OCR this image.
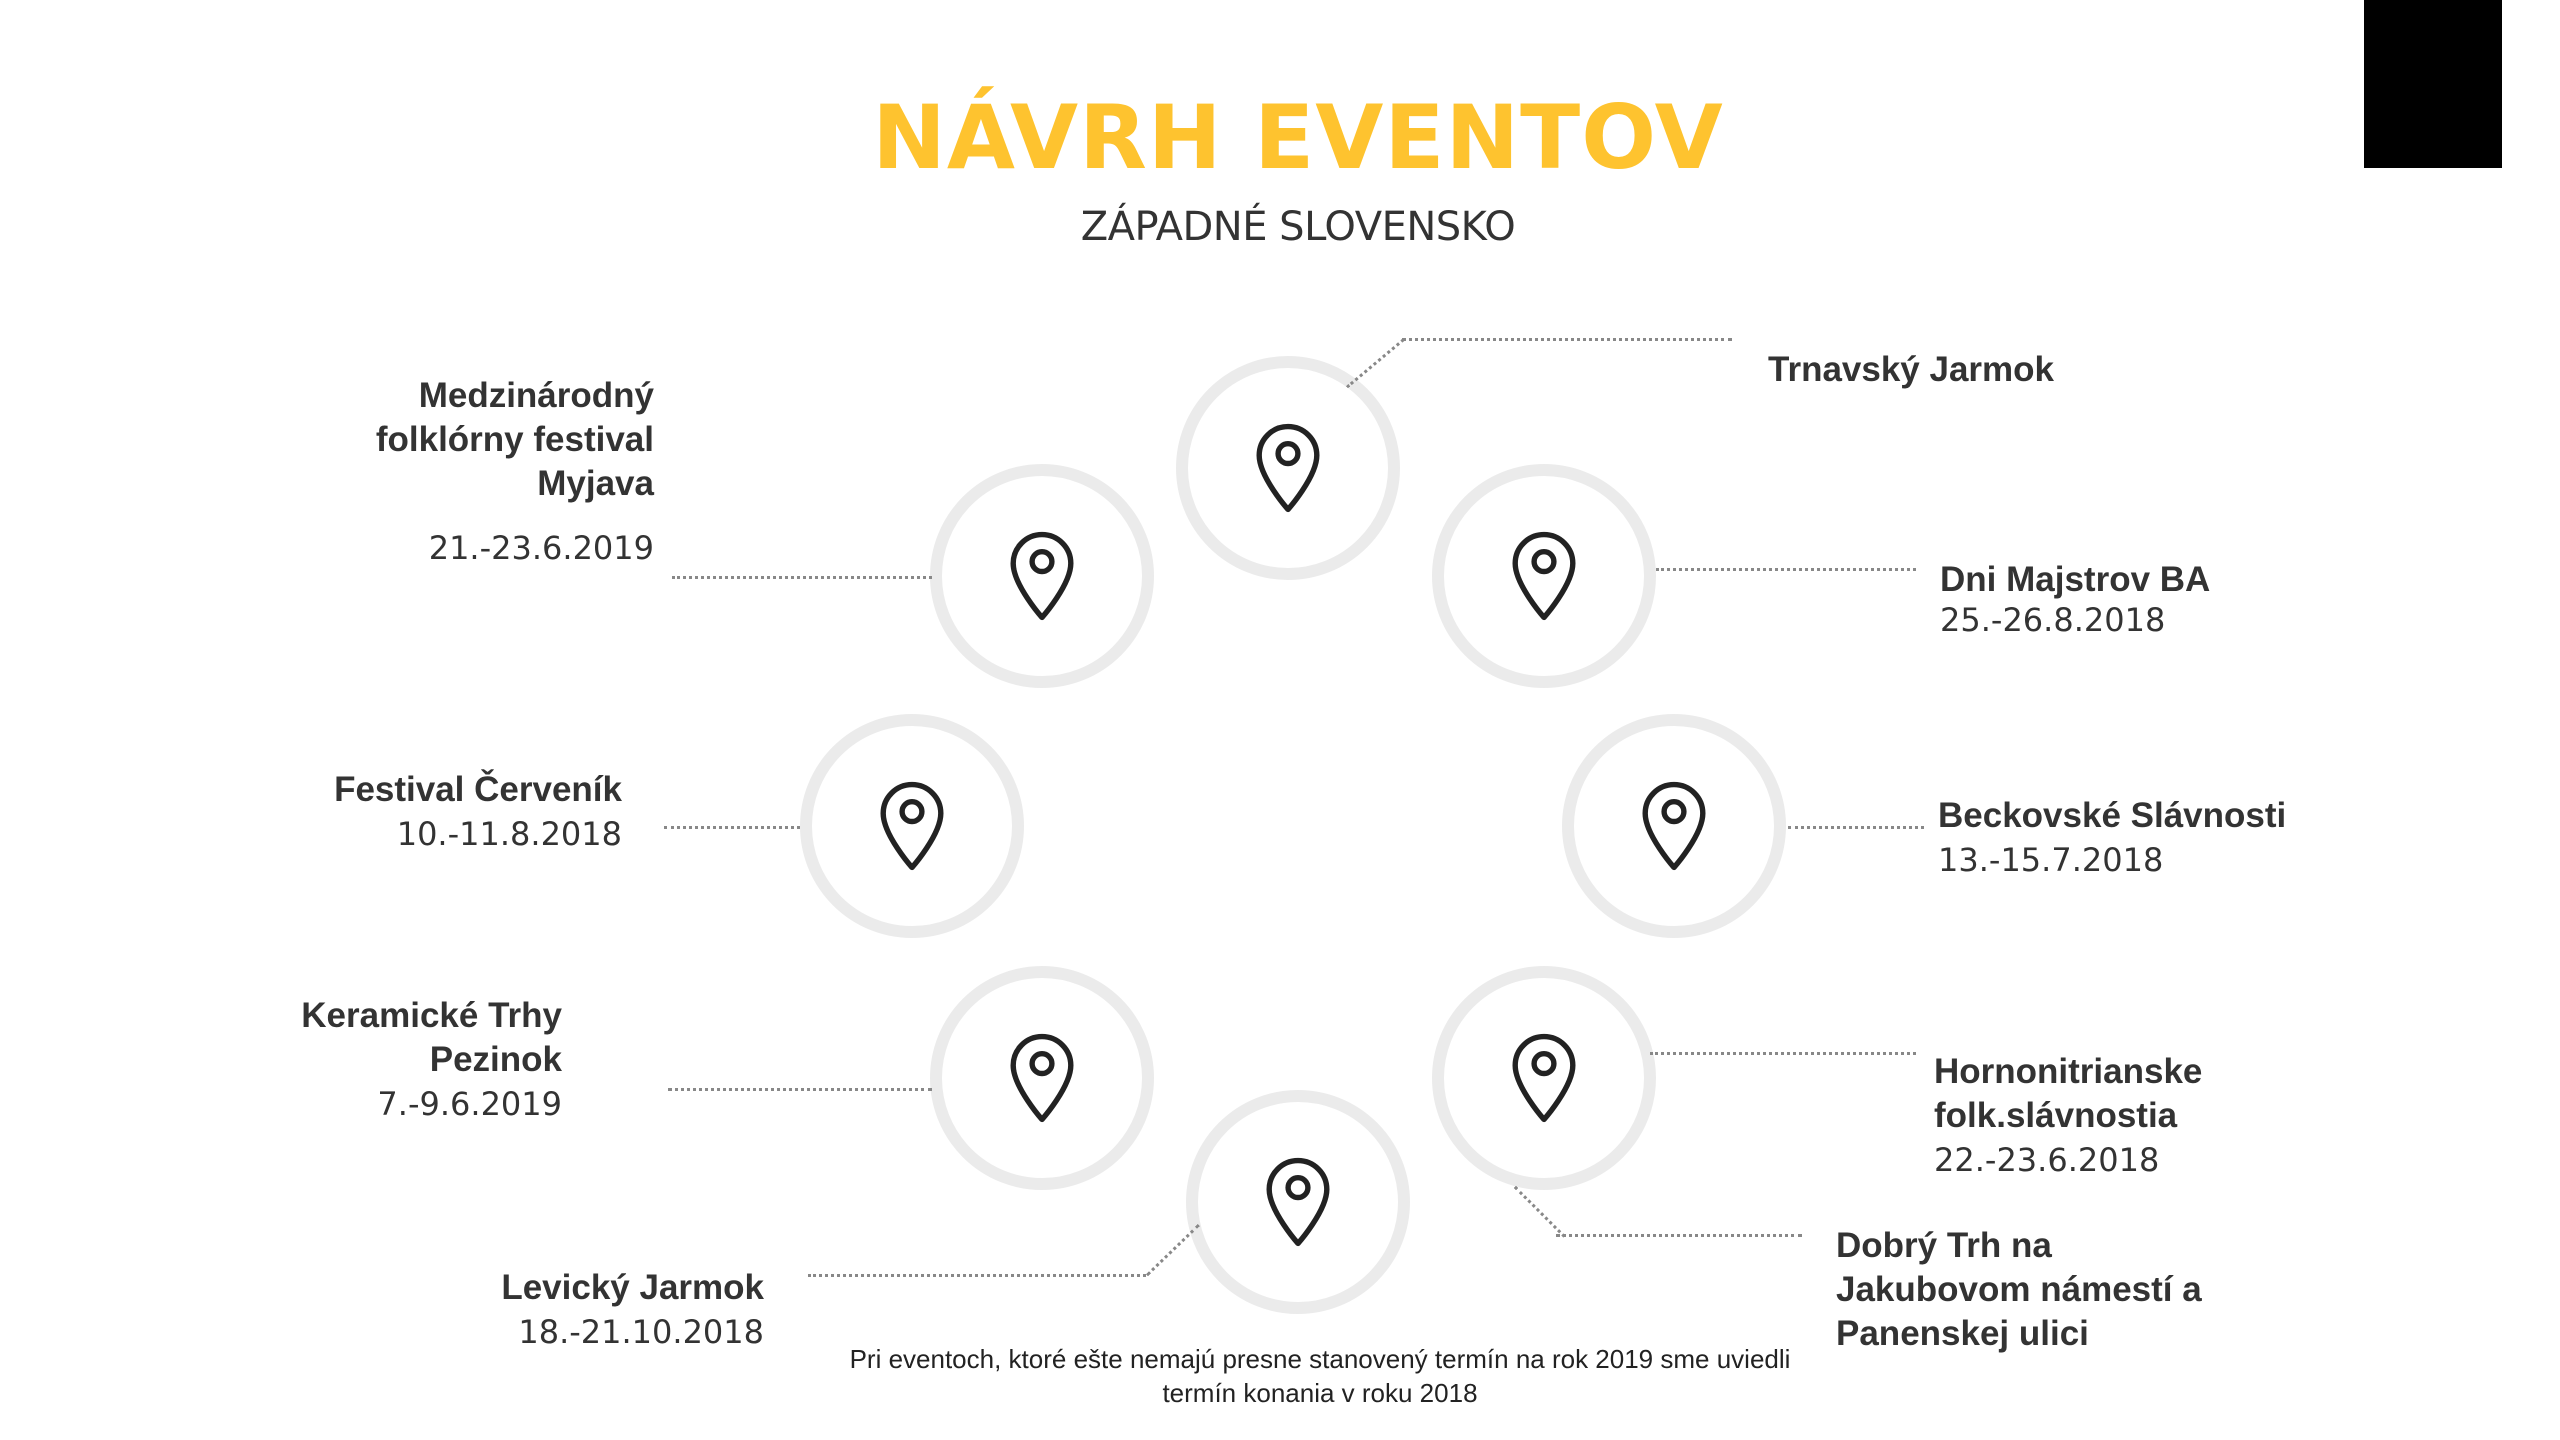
NÁVRH EVENTOV
ZÁPADNÉ SLOVENSKO
Trnavský Jarmok
Medzinárodný folklórny festival Myjava
21.-23.6.2019
Dni Majstrov BA
25.-26.8.2018
Festival Červeník
10.-11.8.2018	Beckovské Slávnosti
13.-15.7.2018
Keramické Trhy Pezinok
7.-9.6.2019
Hornonitrianske folk.slávnostia
22.-23.6.2018
Levický Jarmok
18.-21.10.2018
Dobrý Trh na Jakubovom námestí a Panenskej ulici
Pri eventoch, ktoré ešte nemajú presne stanovený termín na rok 2019 sme uviedli termín konania v roku 2018
